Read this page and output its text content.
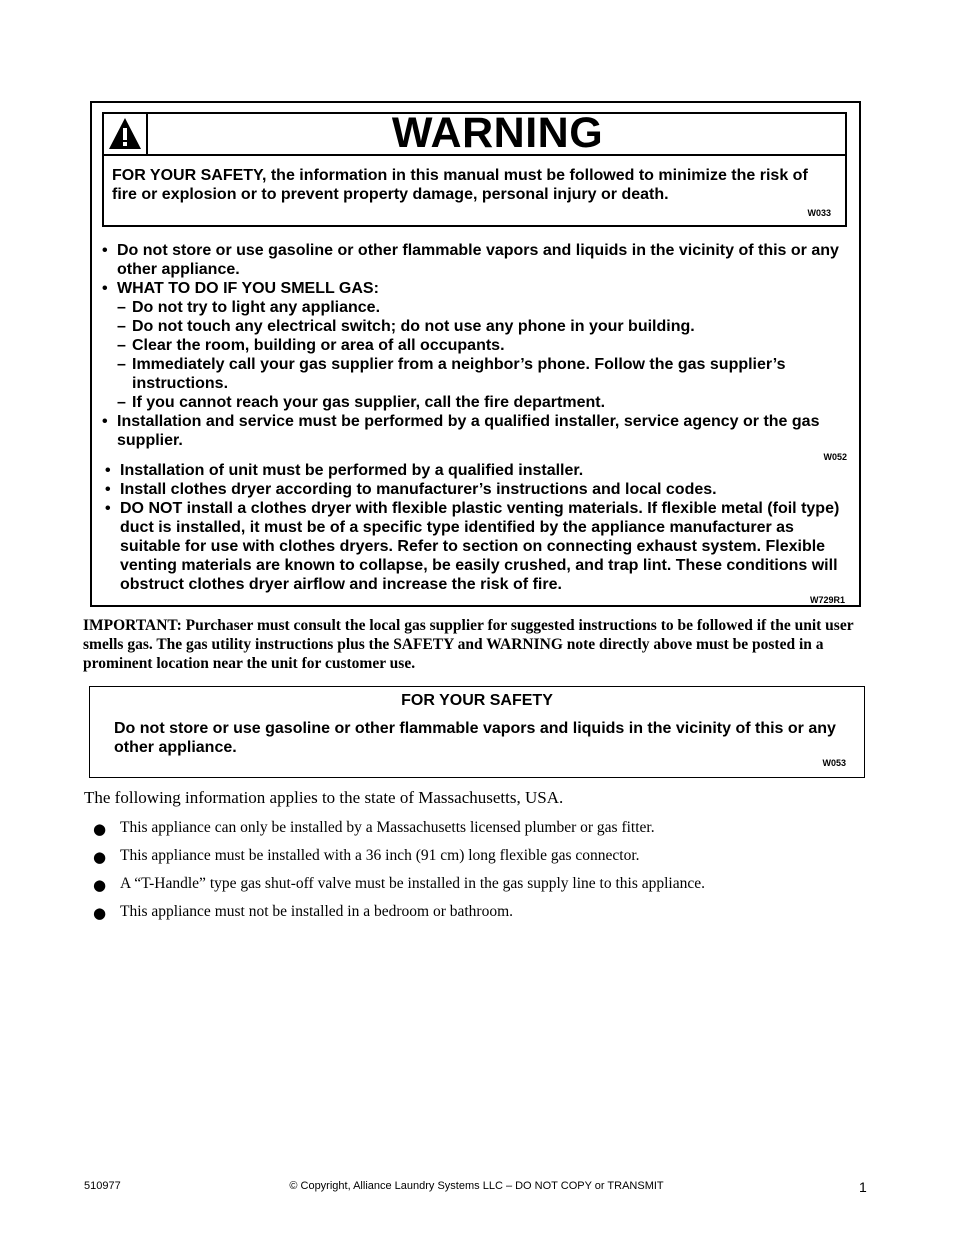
WARNING
FOR YOUR SAFETY, the information in this manual must be followed to minimize the risk of fire or explosion or to prevent property damage, personal injury or death.
W033
• Do not store or use gasoline or other flammable vapors and liquids in the vicinity of this or any other appliance.
• WHAT TO DO IF YOU SMELL GAS:
– Do not try to light any appliance.
– Do not touch any electrical switch; do not use any phone in your building.
– Clear the room, building or area of all occupants.
– Immediately call your gas supplier from a neighbor’s phone. Follow the gas supplier’s instructions.
– If you cannot reach your gas supplier, call the fire department.
• Installation and service must be performed by a qualified installer, service agency or the gas supplier.
W052
• Installation of unit must be performed by a qualified installer.
• Install clothes dryer according to manufacturer’s instructions and local codes.
• DO NOT install a clothes dryer with flexible plastic venting materials. If flexible metal (foil type) duct is installed, it must be of a specific type identified by the appliance manufacturer as suitable for use with clothes dryers. Refer to section on connecting exhaust system. Flexible venting materials are known to collapse, be easily crushed, and trap lint. These conditions will obstruct clothes dryer airflow and increase the risk of fire.
W729R1
IMPORTANT: Purchaser must consult the local gas supplier for suggested instructions to be followed if the unit user smells gas. The gas utility instructions plus the SAFETY and WARNING note directly above must be posted in a prominent location near the unit for customer use.
FOR YOUR SAFETY
Do not store or use gasoline or other flammable vapors and liquids in the vicinity of this or any other appliance.
W053
The following information applies to the state of Massachusetts, USA.
● This appliance can only be installed by a Massachusetts licensed plumber or gas fitter.
● This appliance must be installed with a 36 inch (91 cm) long flexible gas connector.
● A “T-Handle” type gas shut-off valve must be installed in the gas supply line to this appliance.
● This appliance must not be installed in a bedroom or bathroom.
510977	© Copyright, Alliance Laundry Systems LLC – DO NOT COPY or TRANSMIT	1
